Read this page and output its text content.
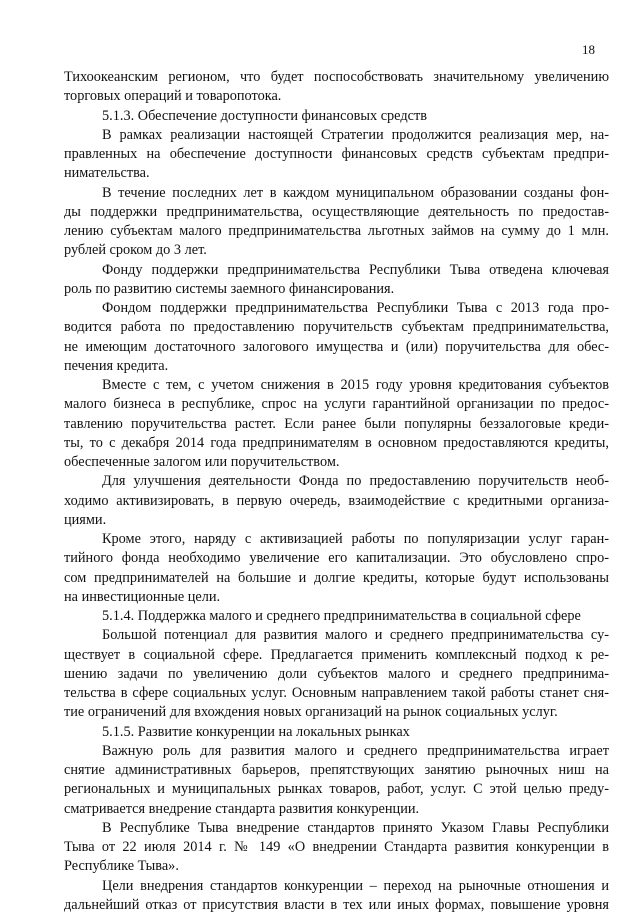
18
Тихоокеанским регионом, что будет поспособствовать значительному увеличению
торговых операций и товаропотока.
5.1.3. Обеспечение доступности финансовых средств
В рамках реализации настоящей Стратегии продолжится реализация мер, на-
правленных на обеспечение доступности финансовых средств субъектам предпри-
нимательства.
В течение последних лет в каждом муниципальном образовании созданы фон-
ды поддержки предпринимательства, осуществляющие деятельность по предостав-
лению субъектам малого предпринимательства льготных займов на сумму до 1 млн.
рублей сроком до 3 лет.
Фонду поддержки предпринимательства Республики Тыва отведена ключевая
роль по развитию системы заемного финансирования.
Фондом поддержки предпринимательства Республики Тыва с 2013 года про-
водится работа по предоставлению поручительств субъектам предпринимательства,
не имеющим достаточного залогового имущества и (или) поручительства для обес-
печения кредита.
Вместе с тем, с учетом снижения в 2015 году уровня кредитования субъектов
малого бизнеса в республике, спрос на услуги гарантийной организации по предос-
тавлению поручительства растет. Если ранее были популярны беззалоговые креди-
ты, то с декабря 2014 года предпринимателям в основном предоставляются кредиты,
обеспеченные залогом или поручительством.
Для улучшения деятельности Фонда по предоставлению поручительств необ-
ходимо активизировать, в первую очередь, взаимодействие с кредитными организа-
циями.
Кроме этого, наряду с активизацией работы по популяризации услуг гаран-
тийного фонда необходимо увеличение его капитализации. Это обусловлено спро-
сом предпринимателей на большие и долгие кредиты, которые будут использованы
на инвестиционные цели.
5.1.4. Поддержка малого и среднего предпринимательства в социальной сфере
Большой потенциал для развития малого и среднего предпринимательства су-
ществует в социальной сфере. Предлагается применить комплексный подход к ре-
шению задачи по увеличению доли субъектов малого и среднего предпринима-
тельства в сфере социальных услуг. Основным направлением такой работы станет сня-
тие ограничений для вхождения новых организаций на рынок социальных услуг.
5.1.5. Развитие конкуренции на локальных рынках
Важную роль для развития малого и среднего предпринимательства играет
снятие административных барьеров, препятствующих занятию рыночных ниш на
региональных и муниципальных рынках товаров, работ, услуг. С этой целью преду-
сматривается внедрение стандарта развития конкуренции.
В Республике Тыва внедрение стандартов принято Указом Главы Республики
Тыва от 22 июля 2014 г. № 149 «О внедрении Стандарта развития конкуренции в
Республике Тыва».
Цели внедрения стандартов конкуренции – переход на рыночные отношения и
дальнейший отказ от присутствия власти в тех или иных формах, повышение уровня
